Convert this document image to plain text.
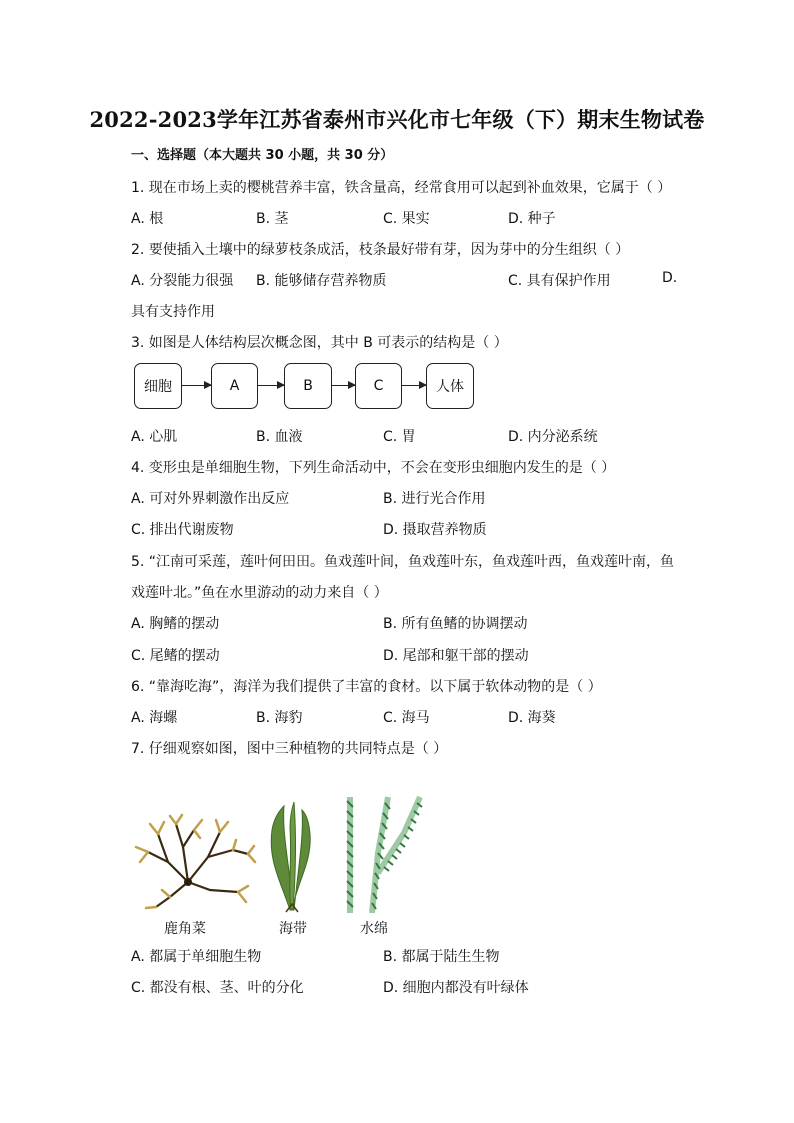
2022-2023学年江苏省泰州市兴化市七年级（下）期末生物试卷
一、选择题（本大题共 30 小题，共 30 分）
1. 现在市场上卖的樱桃营养丰富，铁含量高，经常食用可以起到补血效果，它属于（ ）
A. 根	B. 茎	C. 果实	D. 种子
2. 要使插入土壤中的绿萝枝条成活，枝条最好带有芽，因为芽中的分生组织（ ）
A. 分裂能力很强 B. 能够储存营养物质	C. 具有保护作用	D.
具有支持作用
3. 如图是人体结构层次概念图，其中 B 可表示的结构是（ ）
细胞	A	B	C	人体
A. 心肌	B. 血液	C. 胃	D. 内分泌系统
4. 变形虫是单细胞生物，下列生命活动中，不会在变形虫细胞内发生的是（ ）
A. 可对外界刺激作出反应	B. 进行光合作用
C. 排出代谢废物	D. 摄取营养物质
5. “江南可采莲，莲叶何田田。鱼戏莲叶间，鱼戏莲叶东，鱼戏莲叶西，鱼戏莲叶南，鱼
戏莲叶北。”鱼在水里游动的动力来自（ ）
A. 胸鳍的摆动	B. 所有鱼鳍的协调摆动
C. 尾鳍的摆动	D. 尾部和躯干部的摆动
6. “靠海吃海”，海洋为我们提供了丰富的食材。以下属于软体动物的是（ ）
A. 海螺	B. 海豹	C. 海马	D. 海葵
7. 仔细观察如图，图中三种植物的共同特点是（ ）
鹿角菜	海带	水绵
A. 都属于单细胞生物	B. 都属于陆生生物
C. 都没有根、茎、叶的分化	D. 细胞内都没有叶绿体
